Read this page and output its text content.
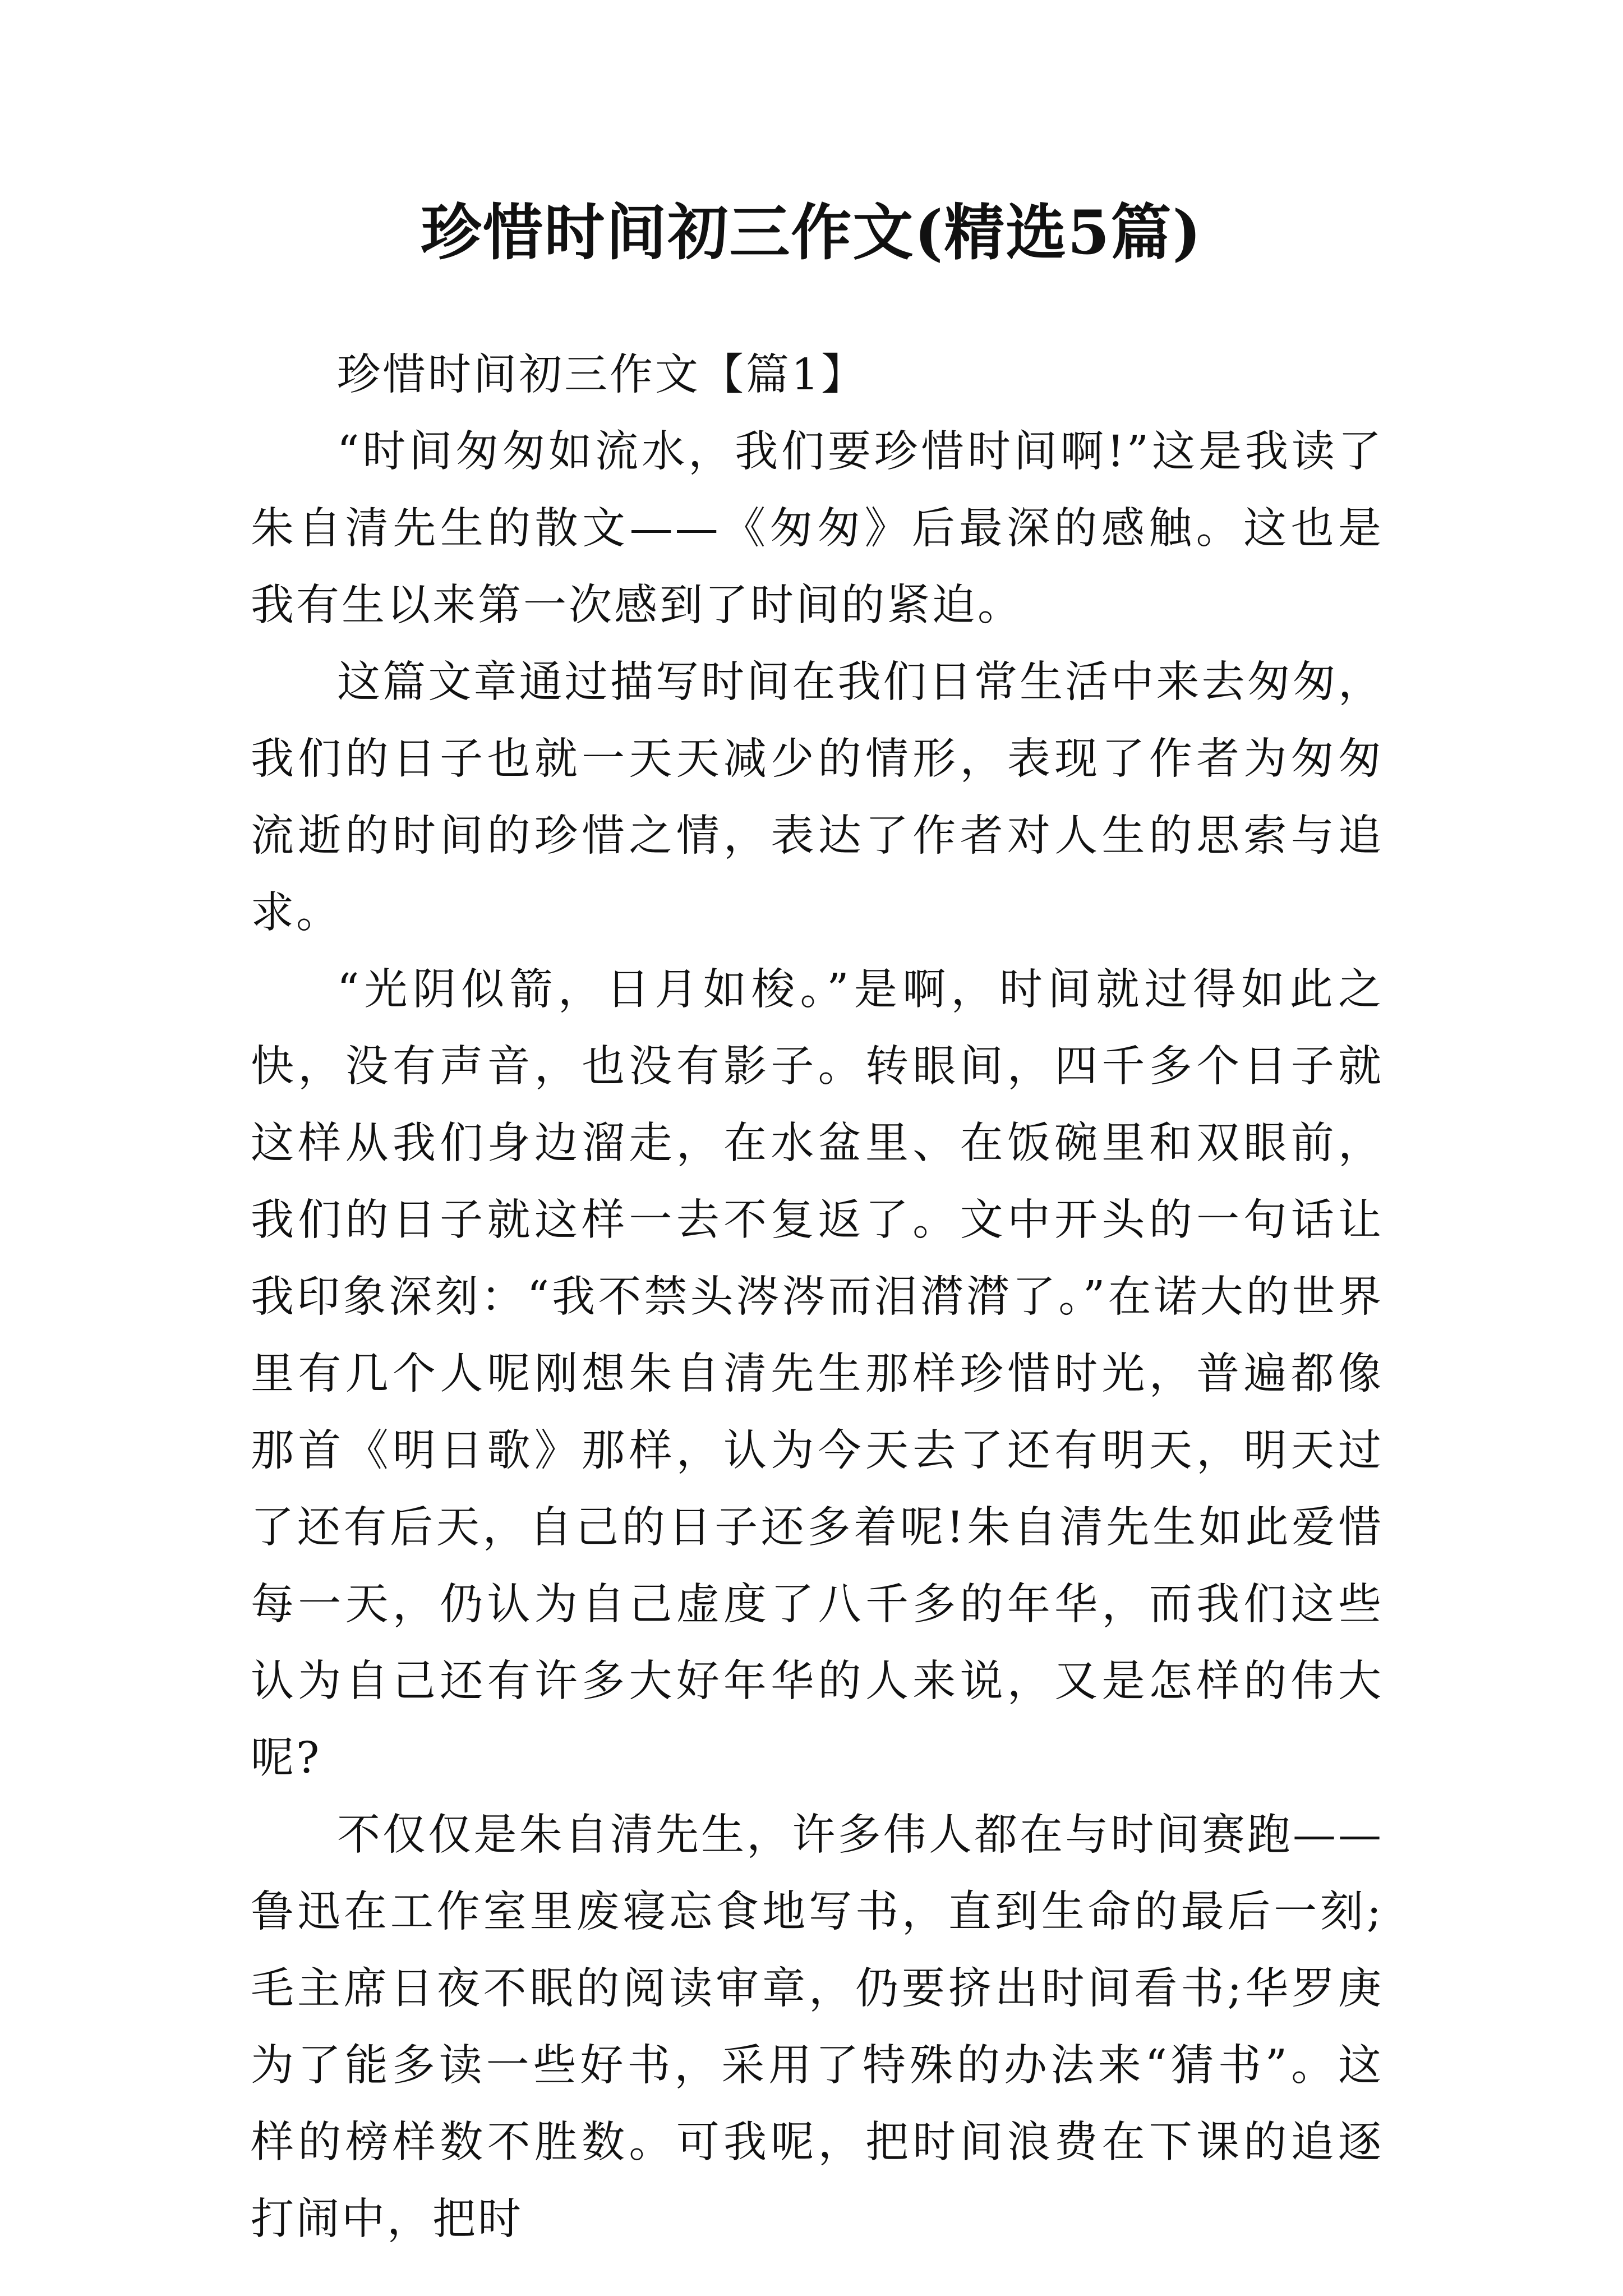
珍惜时间初三作文(精选5篇)

珍惜时间初三作文【篇1】

“时间匆匆如流水，我们要珍惜时间啊!”这是我读了朱自清先生的散文——《匆匆》后最深的感触。这也是我有生以来第一次感到了时间的紧迫。

这篇文章通过描写时间在我们日常生活中来去匆匆，我们的日子也就一天天减少的情形，表现了作者为匆匆流逝的时间的珍惜之情，表达了作者对人生的思索与追求。

“光阴似箭，日月如梭。”是啊，时间就过得如此之快，没有声音，也没有影子。转眼间，四千多个日子就这样从我们身边溜走，在水盆里、在饭碗里和双眼前，我们的日子就这样一去不复返了。文中开头的一句话让我印象深刻：“我不禁头涔涔而泪潸潸了。”在诺大的世界里有几个人呢刚想朱自清先生那样珍惜时光，普遍都像那首《明日歌》那样，认为今天去了还有明天，明天过了还有后天，自己的日子还多着呢!朱自清先生如此爱惜每一天，仍认为自己虚度了八千多的年华，而我们这些认为自己还有许多大好年华的人来说，又是怎样的伟大呢?

不仅仅是朱自清先生，许多伟人都在与时间赛跑——鲁迅在工作室里废寝忘食地写书，直到生命的最后一刻;毛主席日夜不眠的阅读审章，仍要挤出时间看书;华罗庚为了能多读一些好书，采用了特殊的办法来“猜书”。这样的榜样数不胜数。可我呢，把时间浪费在下课的追逐打闹中，把时
